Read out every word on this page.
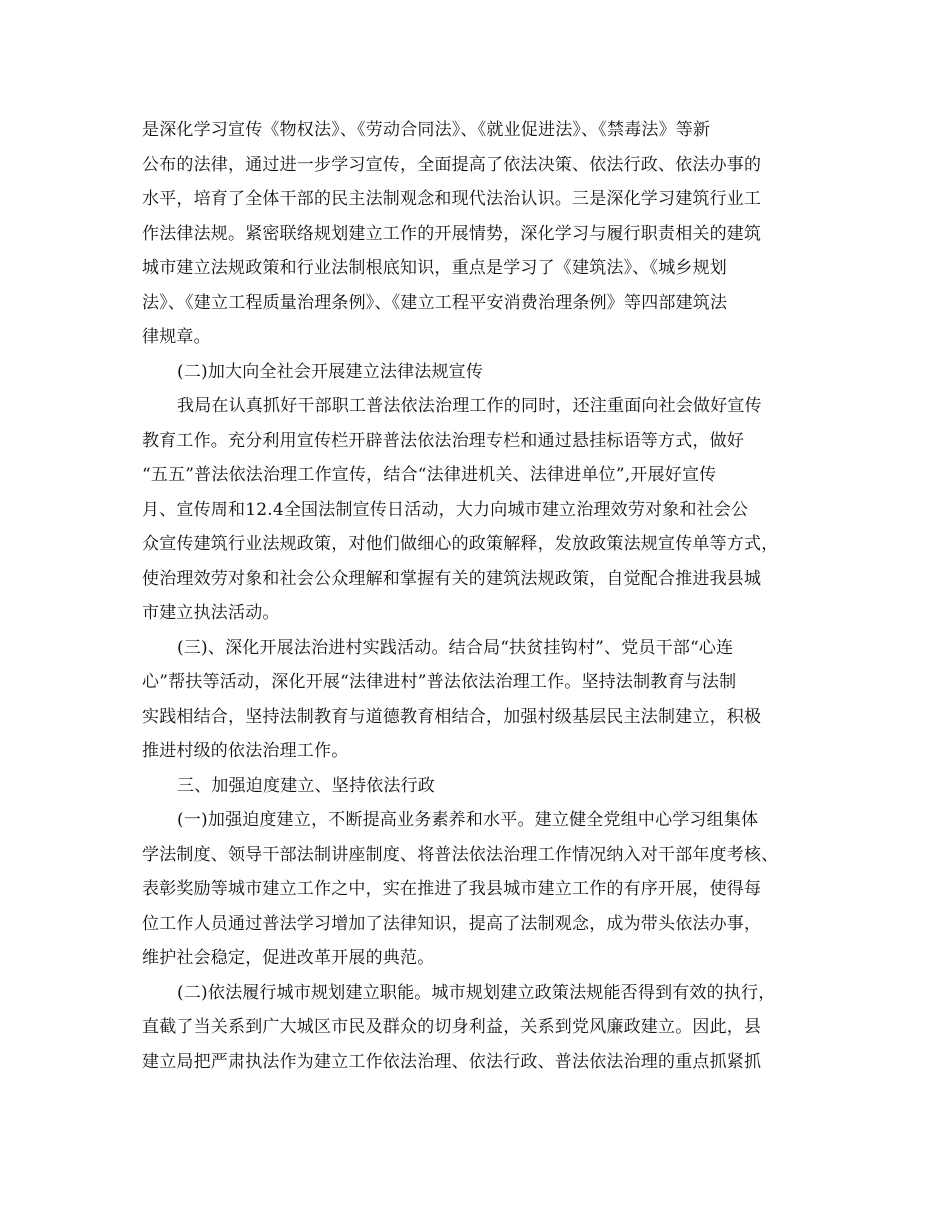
是深化学习宣传《物权法》、《劳动合同法》、《就业促进法》、《禁毒法》等新
公布的法律，通过进一步学习宣传，全面提高了依法决策、依法行政、依法办事的
水平，培育了全体干部的民主法制观念和现代法治认识。三是深化学习建筑行业工
作法律法规。紧密联络规划建立工作的开展情势，深化学习与履行职责相关的建筑
城市建立法规政策和行业法制根底知识，重点是学习了《建筑法》、《城乡规划
法》、《建立工程质量治理条例》、《建立工程平安消费治理条例》等四部建筑法
律规章。
(二)加大向全社会开展建立法律法规宣传
我局在认真抓好干部职工普法依法治理工作的同时，还注重面向社会做好宣传
教育工作。充分利用宣传栏开辟普法依法治理专栏和通过悬挂标语等方式，做好
“五五”普法依法治理工作宣传，结合“法律进机关、法律进单位”,开展好宣传
月、宣传周和12.4全国法制宣传日活动，大力向城市建立治理效劳对象和社会公
众宣传建筑行业法规政策，对他们做细心的政策解释，发放政策法规宣传单等方式，
使治理效劳对象和社会公众理解和掌握有关的建筑法规政策，自觉配合推进我县城
市建立执法活动。
(三)、深化开展法治进村实践活动。结合局“扶贫挂钩村”、党员干部“心连
心”帮扶等活动，深化开展“法律进村”普法依法治理工作。坚持法制教育与法制
实践相结合，坚持法制教育与道德教育相结合，加强村级基层民主法制建立，积极
推进村级的依法治理工作。
三、加强迫度建立、坚持依法行政
(一)加强迫度建立，不断提高业务素养和水平。建立健全党组中心学习组集体
学法制度、领导干部法制讲座制度、将普法依法治理工作情况纳入对干部年度考核、
表彰奖励等城市建立工作之中，实在推进了我县城市建立工作的有序开展，使得每
位工作人员通过普法学习增加了法律知识，提高了法制观念，成为带头依法办事，
维护社会稳定，促进改革开展的典范。
(二)依法履行城市规划建立职能。城市规划建立政策法规能否得到有效的执行，
直截了当关系到广大城区市民及群众的切身利益，关系到党风廉政建立。因此，县
建立局把严肃执法作为建立工作依法治理、依法行政、普法依法治理的重点抓紧抓
